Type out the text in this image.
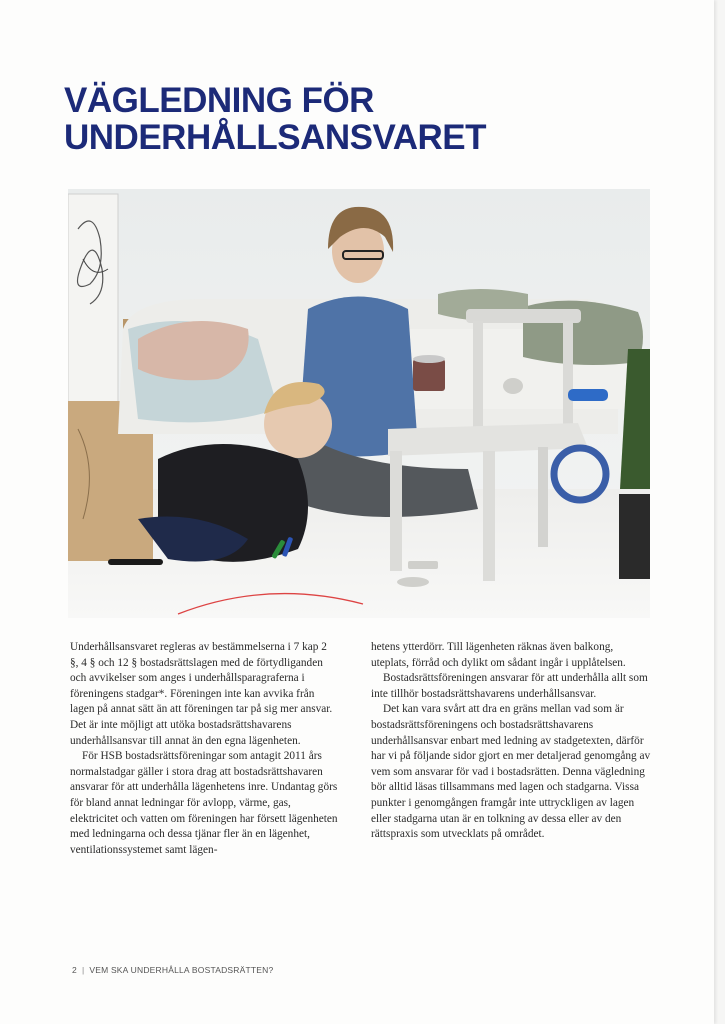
VÄGLEDNING FÖR
UNDERHÅLLSANSVARET

Underhållsansvaret regleras av bestämmelserna i 7 kap 2 §, 4 § och 12 § bostadsrättslagen med de förtydliganden och avvikelser som anges i underhållsparagraferna i föreningens stadgar*. Föreningen inte kan avvika från lagen på annat sätt än att föreningen tar på sig mer ansvar. Det är inte möjligt att utöka bostadsrättshavarens underhållsansvar till annat än den egna lägenheten.

För HSB bostadsrättsföreningar som antagit 2011 års normalstadgar gäller i stora drag att bostadsrättshavaren ansvarar för att underhålla lägenhetens inre. Undantag görs för bland annat ledningar för avlopp, värme, gas, elektricitet och vatten om föreningen har försett lägenheten med ledningarna och dessa tjänar fler än en lägenhet, ventilationssystemet samt lägen-

hetens ytterdörr. Till lägenheten räknas även balkong, uteplats, förråd och dylikt om sådant ingår i upplåtelsen.

Bostadsrättsföreningen ansvarar för att underhålla allt som inte tillhör bostadsrättshavarens underhållsansvar.

Det kan vara svårt att dra en gräns mellan vad som är bostadsrättsföreningens och bostadsrättshavarens underhållsansvar enbart med ledning av stadgetexten, därför har vi på följande sidor gjort en mer detaljerad genomgång av vem som ansvarar för vad i bostadsrätten. Denna vägledning bör alltid läsas tillsammans med lagen och stadgarna. Vissa punkter i genomgången framgår inte uttryckligen av lagen eller stadgarna utan är en tolkning av dessa eller av den rättspraxis som utvecklats på området.

2 | VEM SKA UNDERHÅLLA BOSTADSRÄTTEN?
